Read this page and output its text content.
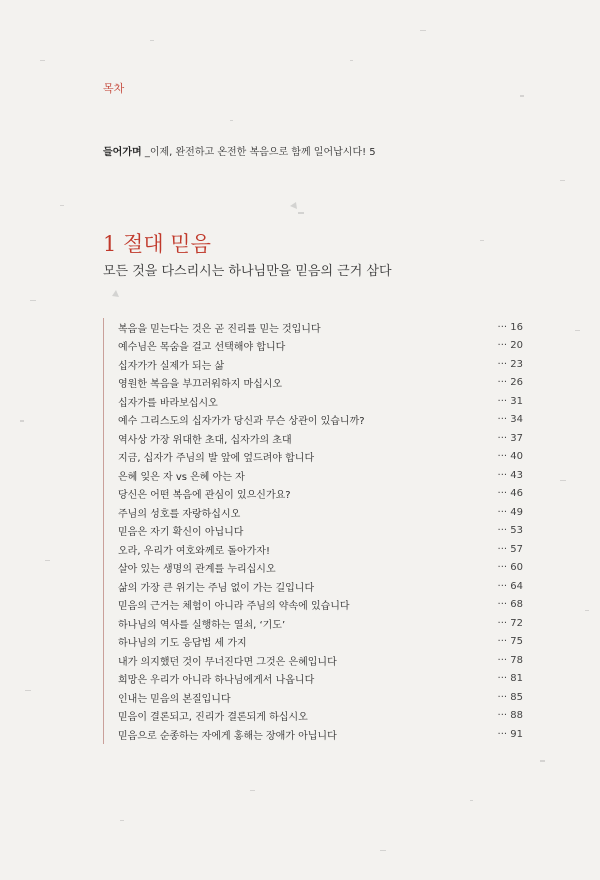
목차
들어가며 _이제, 완전하고 온전한 복음으로 함께 일어납시다! 5
1 절대 믿음
모든 것을 다스리시는 하나님만을 믿음의 근거 삼다
복음을 믿는다는 것은 곧 진리를 믿는 것입니다	··· 16
예수님은 목숨을 걸고 선택해야 합니다	··· 20
십자가가 실제가 되는 삶	··· 23
영원한 복음을 부끄러워하지 마십시오	··· 26
십자가를 바라보십시오	··· 31
예수 그리스도의 십자가가 당신과 무슨 상관이 있습니까?	··· 34
역사상 가장 위대한 초대, 십자가의 초대	··· 37
지금, 십자가 주님의 발 앞에 엎드려야 합니다	··· 40
은혜 잊은 자 vs 은혜 아는 자	··· 43
당신은 어떤 복음에 관심이 있으신가요?	··· 46
주님의 성호를 자랑하십시오	··· 49
믿음은 자기 확신이 아닙니다	··· 53
오라, 우리가 여호와께로 돌아가자!	··· 57
살아 있는 생명의 관계를 누리십시오	··· 60
삶의 가장 큰 위기는 주님 없이 가는 길입니다	··· 64
믿음의 근거는 체험이 아니라 주님의 약속에 있습니다	··· 68
하나님의 역사를 실행하는 열쇠, ‘기도’	··· 72
하나님의 기도 응답법 세 가지	··· 75
내가 의지했던 것이 무너진다면 그것은 은혜입니다	··· 78
희망은 우리가 아니라 하나님에게서 나옵니다	··· 81
인내는 믿음의 본질입니다	··· 85
믿음이 결론되고, 진리가 결론되게 하십시오	··· 88
믿음으로 순종하는 자에게 홍해는 장애가 아닙니다	··· 91
